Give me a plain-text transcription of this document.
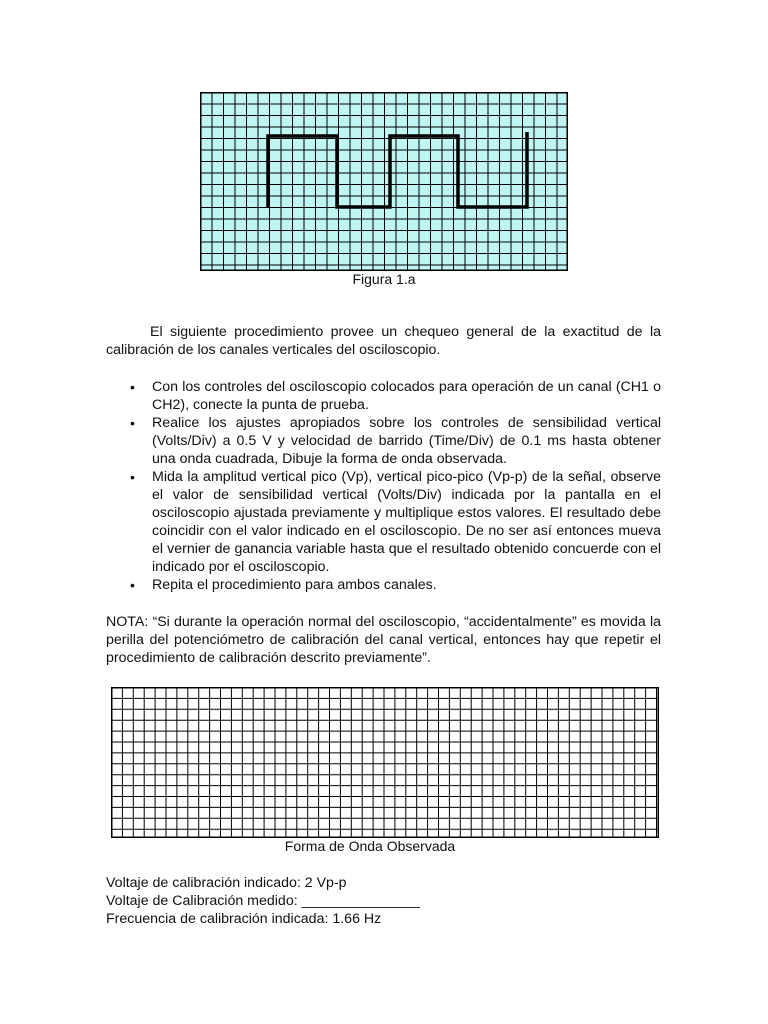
Figura 1.a
El siguiente procedimiento provee un chequeo general de la exactitud de la calibración de los canales verticales del osciloscopio.
• Con los controles del osciloscopio colocados para operación de un canal (CH1 o CH2), conecte la punta de prueba.
• Realice los ajustes apropiados sobre los controles de sensibilidad vertical (Volts/Div) a 0.5 V y velocidad de barrido (Time/Div) de 0.1 ms hasta obtener una onda cuadrada, Dibuje la forma de onda observada.
• Mida la amplitud vertical pico (Vp), vertical pico-pico (Vp-p) de la señal, observe el valor de sensibilidad vertical (Volts/Div) indicada por la pantalla en el osciloscopio ajustada previamente y multiplique estos valores. El resultado debe coincidir con el valor indicado en el osciloscopio. De no ser así entonces mueva el vernier de ganancia variable hasta que el resultado obtenido concuerde con el indicado por el osciloscopio.
• Repita el procedimiento para ambos canales.
NOTA: “Si durante la operación normal del osciloscopio, “accidentalmente” es movida la perilla del potenciómetro de calibración del canal vertical, entonces hay que repetir el procedimiento de calibración descrito previamente”.
Forma de Onda Observada
Voltaje de calibración indicado: 2 Vp-p
Voltaje de Calibración medido: _______________
Frecuencia de calibración indicada: 1.66 Hz
